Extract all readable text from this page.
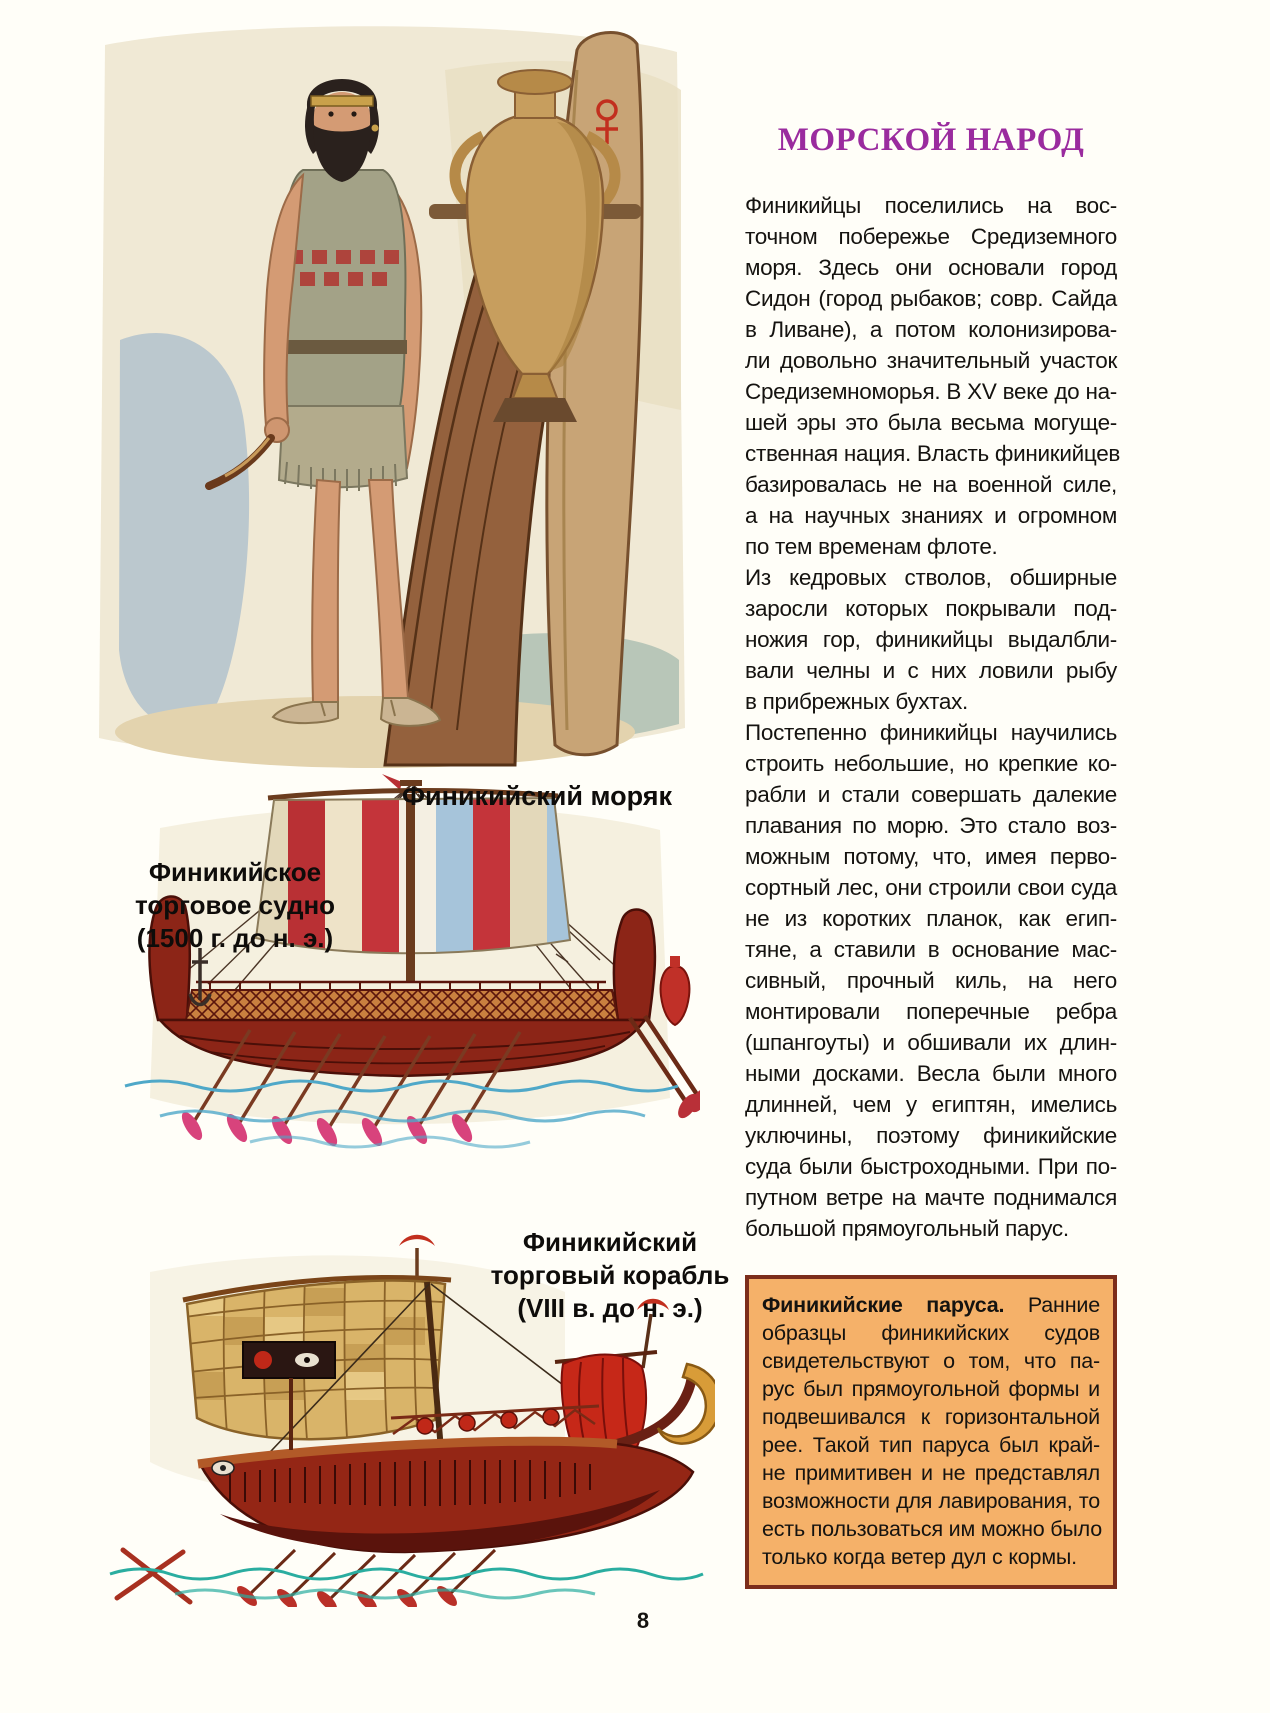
Финикийский моряк
Финикийское
торговое судно
(1500 г. до н. э.)
Финикийский
торговый корабль
(VIII в. до н. э.)
МОРСКОЙ НАРОД
Финикийцы поселились на вос-
точном побережье Средиземного
моря. Здесь они основали город
Сидон (город рыбаков; совр. Сайда
в Ливане), а потом колонизирова-
ли довольно значительный участок
Средиземноморья. В XV веке до на-
шей эры это была весьма могуще-
ственная нация. Власть финикийцев
базировалась не на военной силе,
а на научных знаниях и огромном
по тем временам флоте.
Из кедровых стволов, обширные
заросли которых покрывали под-
ножия гор, финикийцы выдалбли-
вали челны и с них ловили рыбу
в прибрежных бухтах.
Постепенно финикийцы научились
строить небольшие, но крепкие ко-
рабли и стали совершать далекие
плавания по морю. Это стало воз-
можным потому, что, имея перво-
сортный лес, они строили свои суда
не из коротких планок, как егип-
тяне, а ставили в основание мас-
сивный, прочный киль, на него
монтировали поперечные ребра
(шпангоуты) и обшивали их длин-
ными досками. Весла были много
длинней, чем у египтян, имелись
уключины, поэтому финикийские
суда были быстроходными. При по-
путном ветре на мачте поднимался
большой прямоугольный парус.
Финикийские паруса. Ранние
образцы финикийских судов
свидетельствуют о том, что па-
рус был прямоугольной формы и
подвешивался к горизонтальной
рее. Такой тип паруса был край-
не примитивен и не представлял
возможности для лавирования, то
есть пользоваться им можно было
только когда ветер дул с кормы.
8
